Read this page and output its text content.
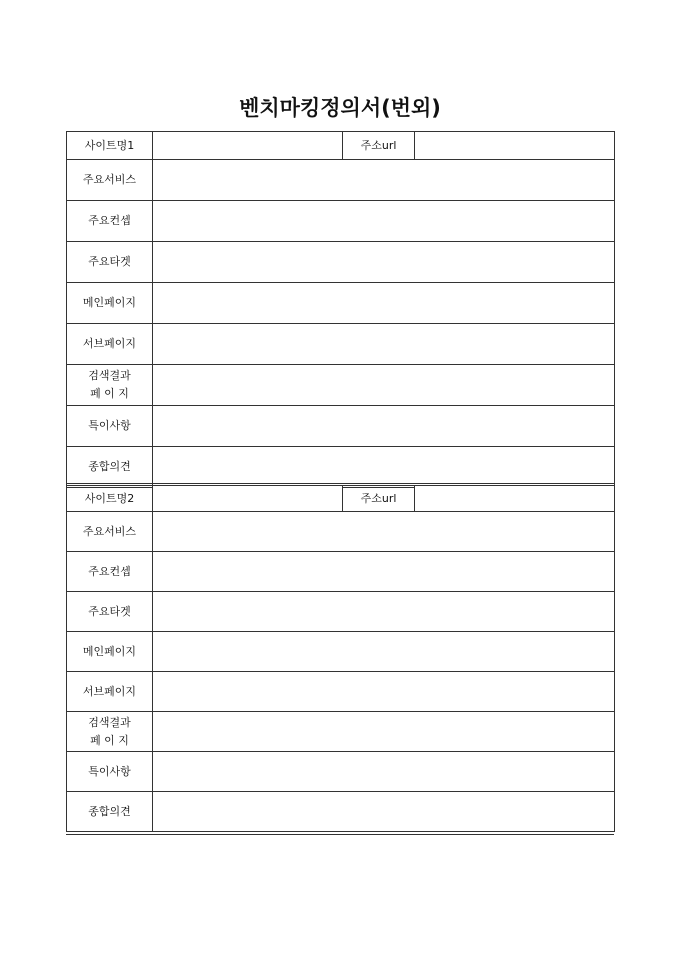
벤치마킹정의서(번외)
사이트명1		주소url	
주요서비스			
주요컨셉			
주요타겟			
메인페이지			
서브페이지			

검색결과
페 이 지			

특이사항			
종합의견			
사이트명2		주소url	
주요서비스			
주요컨셉			
주요타겟			
메인페이지			
서브페이지			

검색결과
페 이 지			

특이사항			
종합의견			
